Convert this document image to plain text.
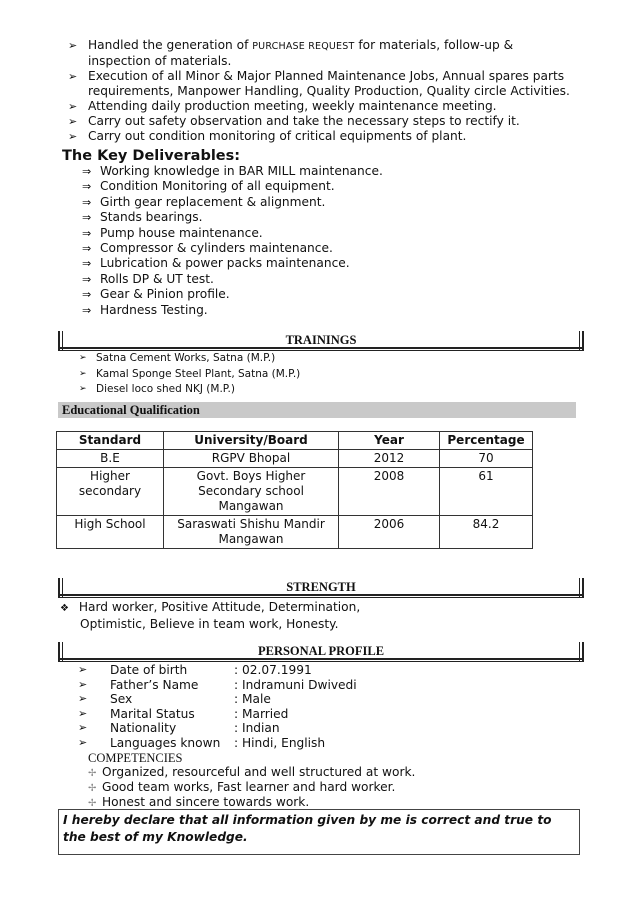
➢ Handled the generation of PURCHASE REQUEST for materials, follow-up &
inspection of materials.
➢ Execution of all Minor & Major Planned Maintenance Jobs, Annual spares parts
requirements, Manpower Handling, Quality Production, Quality circle Activities.
➢ Attending daily production meeting, weekly maintenance meeting.
➢ Carry out safety observation and take the necessary steps to rectify it.
➢ Carry out condition monitoring of critical equipments of plant.
The Key Deliverables:
⇒ Working knowledge in BAR MILL maintenance.
⇒ Condition Monitoring of all equipment.
⇒ Girth gear replacement & alignment.
⇒ Stands bearings.
⇒ Pump house maintenance.
⇒ Compressor & cylinders maintenance.
⇒ Lubrication & power packs maintenance.
⇒ Rolls DP & UT test.
⇒ Gear & Pinion profile.
⇒ Hardness Testing.
TRAININGS
➢ Satna Cement Works, Satna (M.P.)
➢ Kamal Sponge Steel Plant, Satna (M.P.)
➢ Diesel loco shed NKJ (M.P.)
Educational Qualification
Standard	University/Board	Year	Percentage
B.E	RGPV Bhopal	2012	70
Higher secondary	Govt. Boys Higher Secondary school Mangawan	2008	61
High School	Saraswati Shishu Mandir Mangawan	2006	84.2
STRENGTH
❖ Hard worker, Positive Attitude, Determination,
Optimistic, Believe in team work, Honesty.
PERSONAL PROFILE
➢ Date of birth	: 02.07.1991
➢ Father’s Name	: Indramuni Dwivedi
➢ Sex	: Male
➢ Marital Status	: Married
➢ Nationality	: Indian
➢ Languages known : Hindi, English
COMPETENCIES
✢ Organized, resourceful and well structured at work.
✢ Good team works, Fast learner and hard worker.
✢ Honest and sincere towards work.
I hereby declare that all information given by me is correct and true to
the best of my Knowledge.
